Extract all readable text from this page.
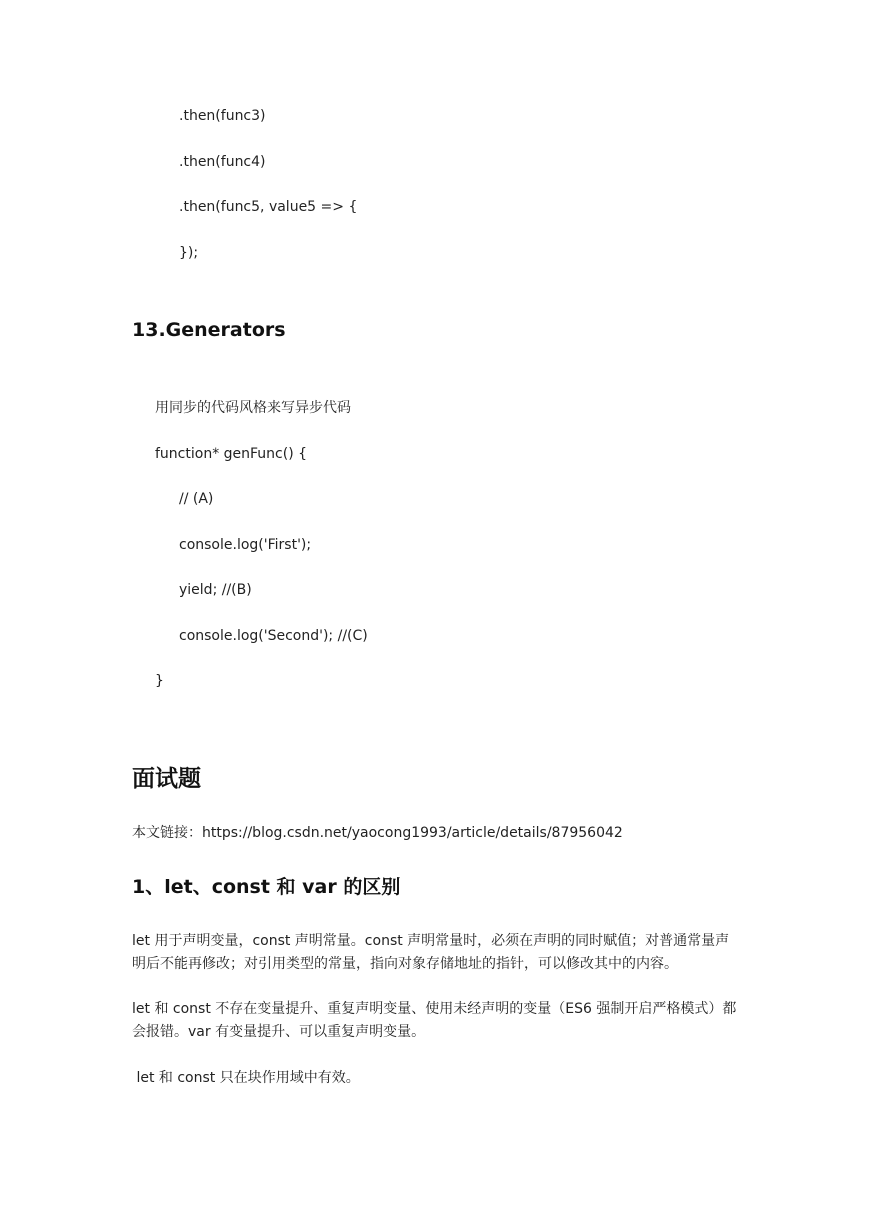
.then(func3)
.then(func4)
.then(func5, value5 => {
});
13.Generators
用同步的代码风格来写异步代码
function* genFunc() {
// (A)
console.log('First');
yield; //(B)
console.log('Second'); //(C)
}
面试题
本文链接：https://blog.csdn.net/yaocong1993/article/details/87956042
1、let、const 和 var 的区别
let 用于声明变量，const 声明常量。const 声明常量时，必须在声明的同时赋值；对普通常量声明后不能再修改；对引用类型的常量，指向对象存储地址的指针，可以修改其中的内容。
let 和 const 不存在变量提升、重复声明变量、使用未经声明的变量（ES6 强制开启严格模式）都会报错。var 有变量提升、可以重复声明变量。
let 和 const 只在块作用域中有效。
